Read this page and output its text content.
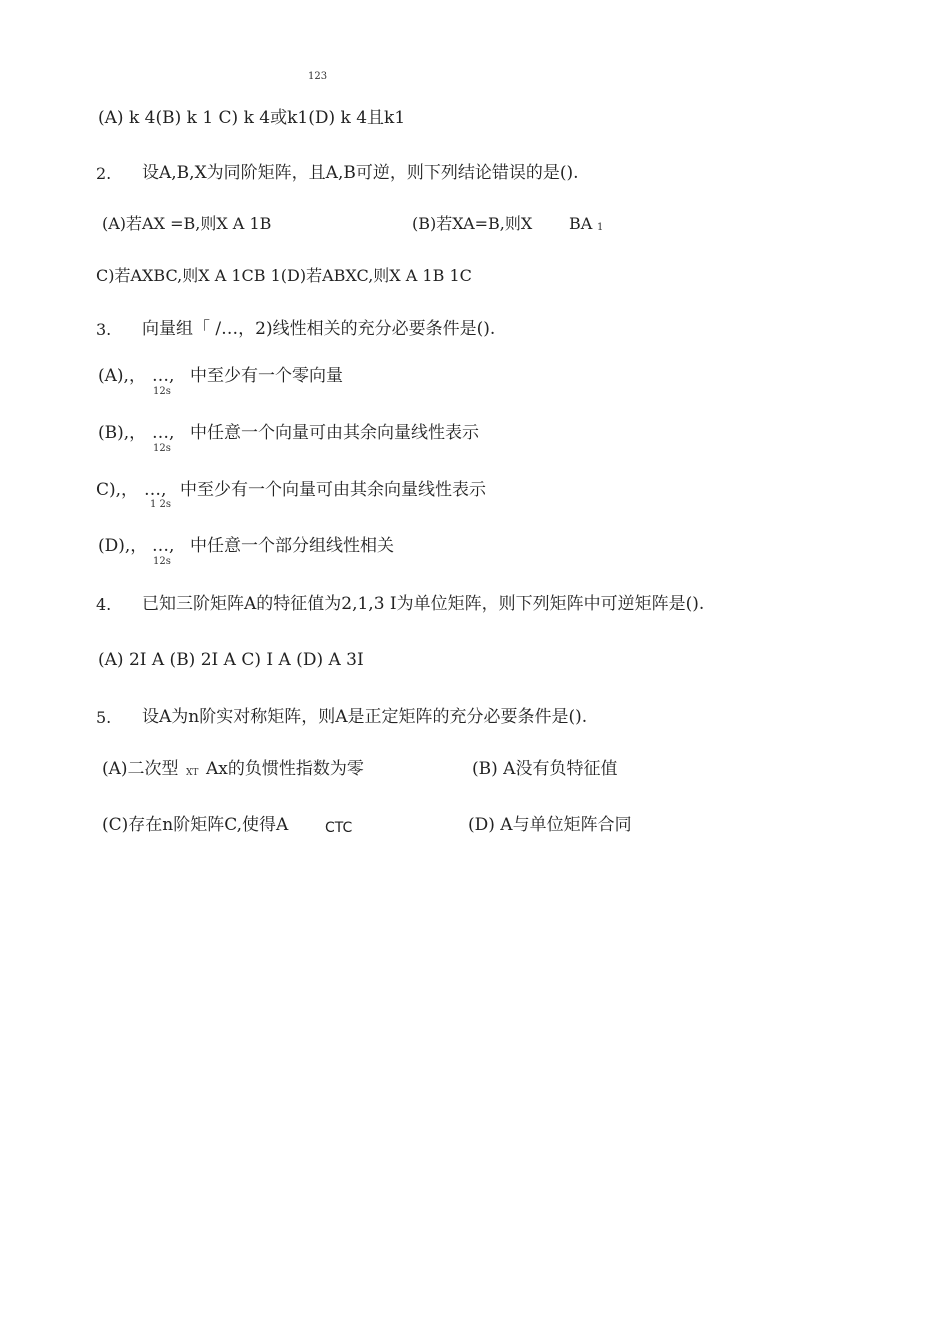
123
(A) k 4(B) k 1 C) k 4或k1(D) k 4且k1
2. 设A,B,X为同阶矩阵，且A,B可逆，则下列结论错误的是().
(A)若AX =B,则X A 1B	(B)若XA=B,则X BA 1
C)若AXBC,则X A 1CB 1(D)若ABXC,则X A 1B 1C
3. 向量组「 /…，2)线性相关的充分必要条件是().
(A),， …,
12s
中至少有一个零向量
(B),， …,
12s
中任意一个向量可由其余向量线性表示
C),， …,
1 2s
中至少有一个向量可由其余向量线性表示
(D),， …,
12s
中任意一个部分组线性相关
4. 已知三阶矩阵A的特征值为2,1,3 I为单位矩阵，则下列矩阵中可逆矩阵是().
(A) 2I A (B) 2I A C) I A (D) A 3I
5. 设A为n阶实对称矩阵，则A是正定矩阵的充分必要条件是().
(A)二次型 XT Ax的负惯性指数为零	(B) A没有负特征值
(C)存在n阶矩阵C,使得A	CTC	(D) A与单位矩阵合同
